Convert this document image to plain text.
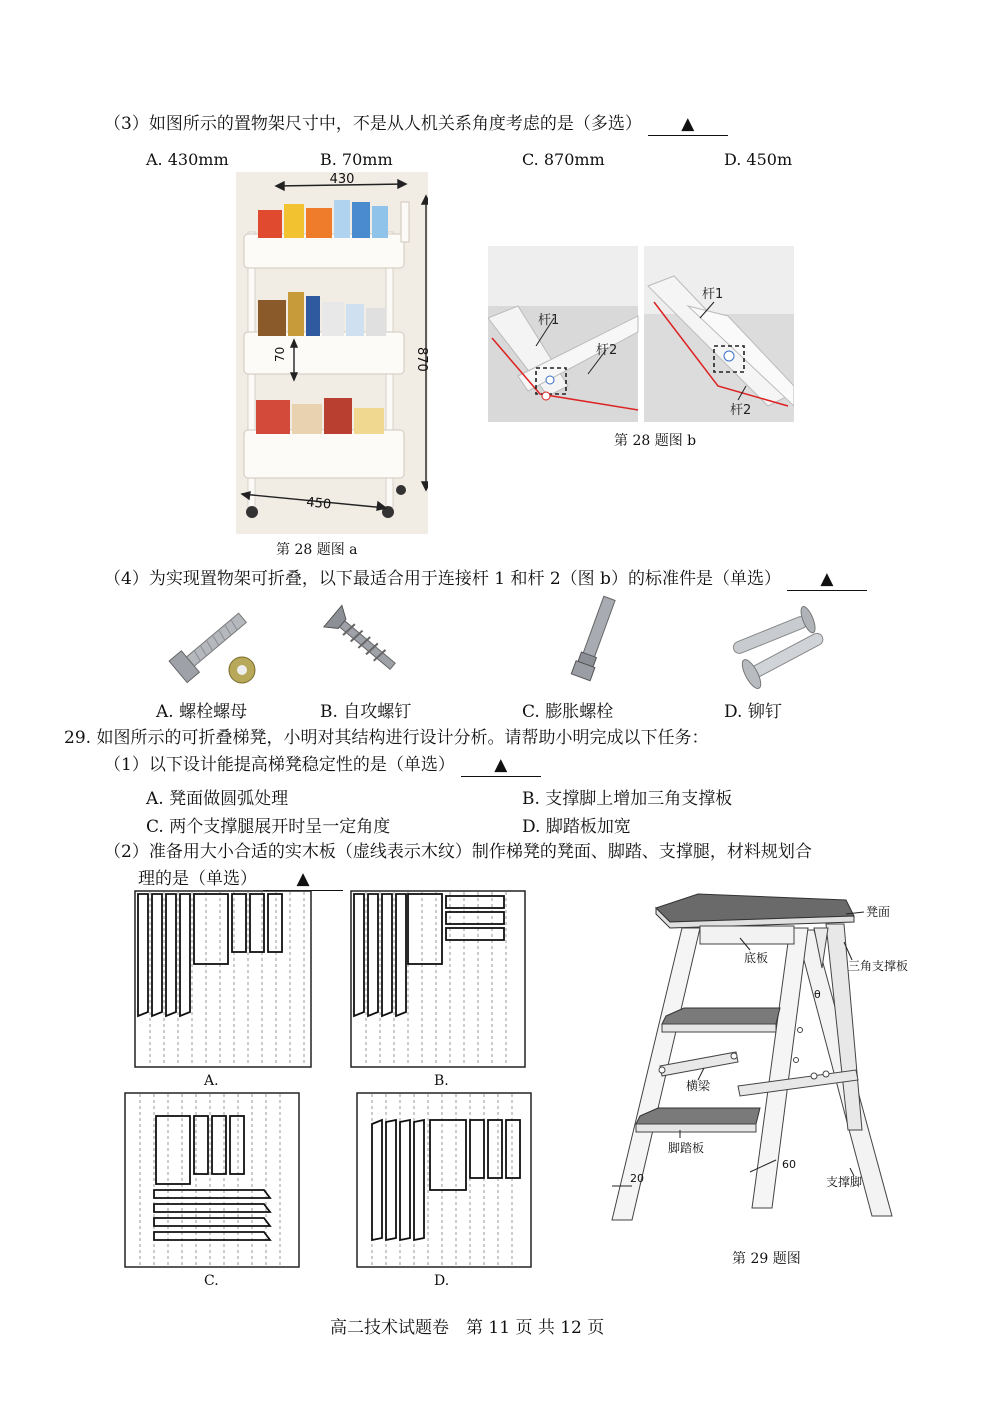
（3）如图所示的置物架尺寸中，不是从人机关系角度考虑的是（多选） ▲
A. 430mm	B. 70mm	C. 870mm	D. 450m
430
70	870
450
第 28 题图 a
杆1
杆2
杆1
杆2
第 28 题图 b
（4）为实现置物架可折叠，以下最适合用于连接杆 1 和杆 2（图 b）的标准件是（单选） ▲
A. 螺栓螺母	B. 自攻螺钉	C. 膨胀螺栓	D. 铆钉
29. 如图所示的可折叠梯凳，小明对其结构进行设计分析。请帮助小明完成以下任务：
（1）以下设计能提高梯凳稳定性的是（单选） ▲
A. 凳面做圆弧处理	B. 支撑脚上增加三角支撑板
C. 两个支撑腿展开时呈一定角度	D. 脚踏板加宽
（2）准备用大小合适的实木板（虚线表示木纹）制作梯凳的凳面、脚踏、支撑腿，材料规划合
理的是（单选） ▲
A.	B.
C.	D.
凳面
底板
三角支撑板
θ
横梁
脚踏板
支撑脚
20
60
第 29 题图
高二技术试题卷　第 11 页 共 12 页
